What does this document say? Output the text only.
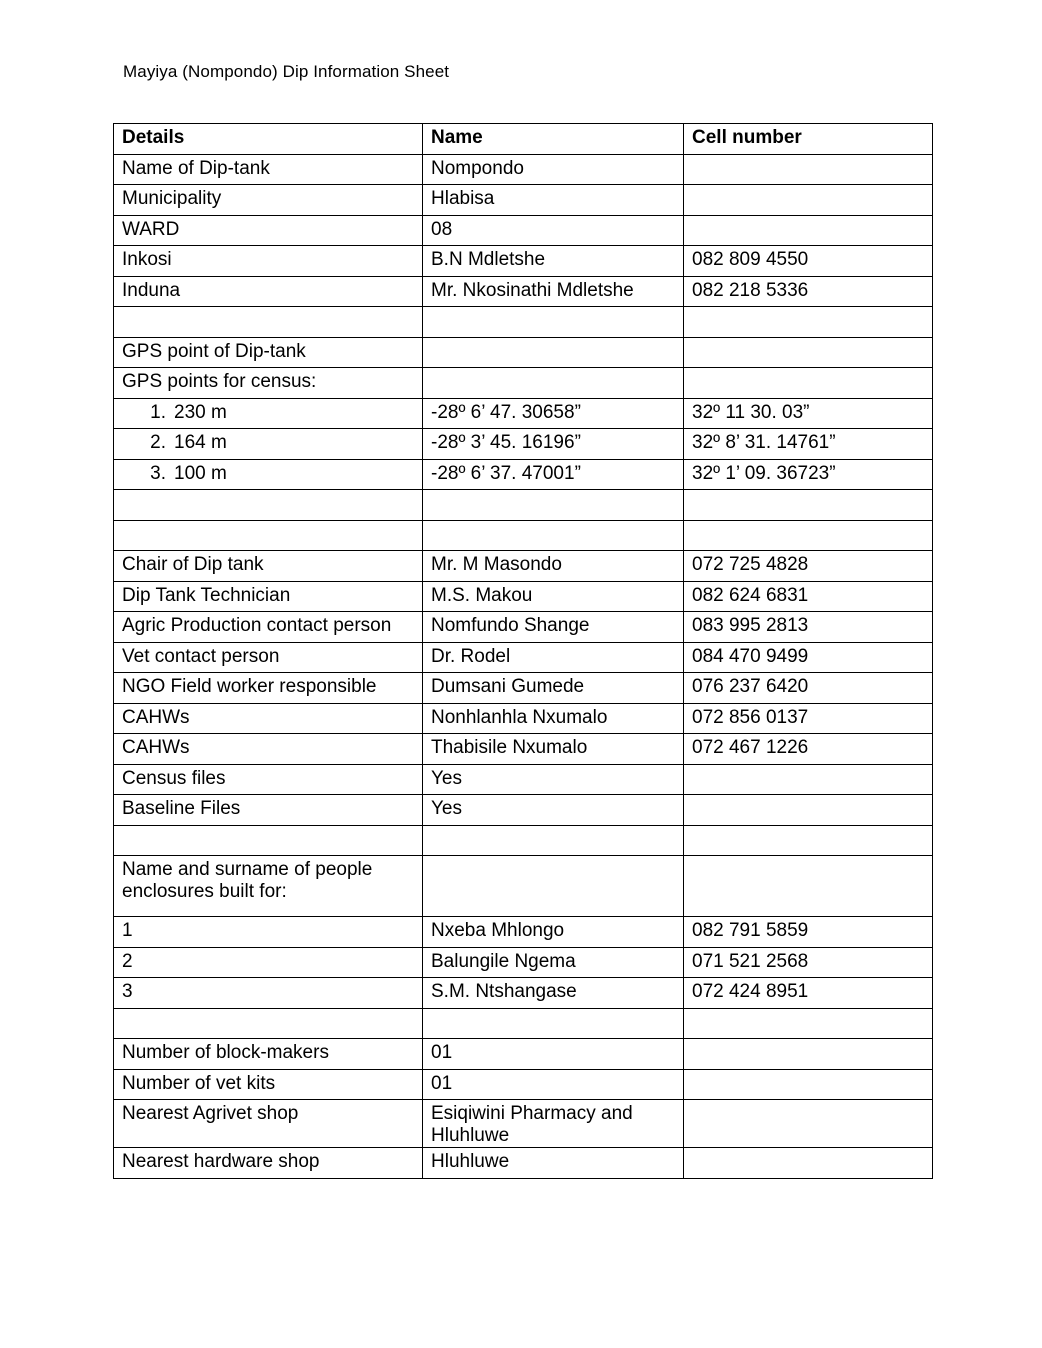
Mayiya (Nompondo) Dip Information Sheet
Details	Name	Cell number

Name of Dip-tank	Nompondo	

Municipality	Hlabisa	

WARD	08	

Inkosi	B.N Mdletshe	082 809 4550

Induna	Mr. Nkosinathi Mdletshe	082 218 5336

GPS point of Dip-tank		

GPS points for census:		

1. 230 m	-28º 6’ 47. 30658”	32º 11 30. 03”
2. 164 m	-28º 3’ 45. 16196”	32º 8’ 31. 14761”
3. 100 m	-28º 6’ 37. 47001”	32º 1’ 09. 36723”

Chair of Dip tank	Mr. M Masondo	072 725 4828

Dip Tank Technician	M.S. Makou	082 624 6831

Agric Production contact person	Nomfundo Shange	083 995 2813

Vet contact person	Dr. Rodel	084 470 9499

NGO Field worker responsible	Dumsani Gumede	076 237 6420

CAHWs	Nonhlanhla Nxumalo	072 856 0137

CAHWs	Thabisile Nxumalo	072 467 1226

Census files	Yes	

Baseline Files	Yes	

Name and surname of people enclosures built for:		

1	Nxeba Mhlongo	082 791 5859

2	Balungile Ngema	071 521 2568

3	S.M. Ntshangase	072 424 8951

Number of block-makers	01	

Number of vet kits	01	

Nearest Agrivet shop	Esiqiwini Pharmacy and Hluhluwe	

Nearest hardware shop	Hluhluwe	
